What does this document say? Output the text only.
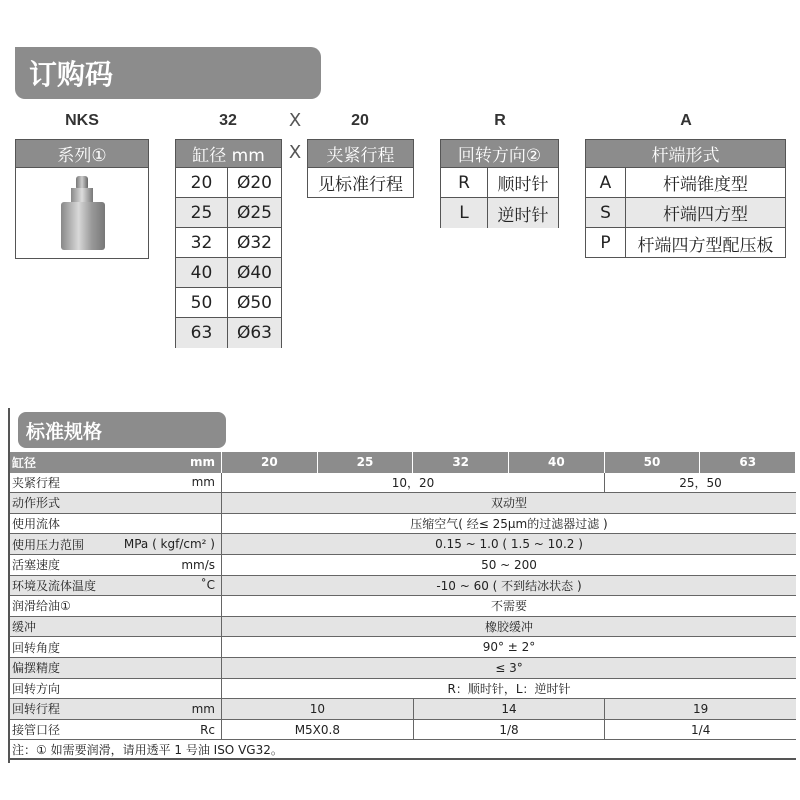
订购码
NKS	32	X	20	R	A
系列①	缸径 mm
20	Ø20
25	Ø25
32	Ø32
40	Ø40
50	Ø50
63	Ø63
X	夹紧行程
见标准行程
回转方向②
R	顺时针
L	逆时针
杆端形式
A	杆端锥度型
S	杆端四方型
P	杆端四方型配压板
标准规格
缸径	mm	20	25	32	40	50	63
夹紧行程	mm	10，20	25，50
动作形式	双动型
使用流体	压缩空气( 经≤ 25μm的过滤器过滤 )
使用压力范围	MPa ( kgf/cm² )	0.15 ~ 1.0 ( 1.5 ~ 10.2 )
活塞速度	mm/s	50 ~ 200
环境及流体温度	˚C	-10 ~ 60 ( 不到结冰状态 )
润滑给油①	不需要
缓冲	橡胶缓冲
回转角度	90° ± 2°
偏摆精度	≤ 3°
回转方向	R：顺时针，L：逆时针
回转行程	mm	10	14	19
接管口径	Rc	M5X0.8	1/8	1/4
注：① 如需要润滑，请用透平 1 号油 ISO VG32。
